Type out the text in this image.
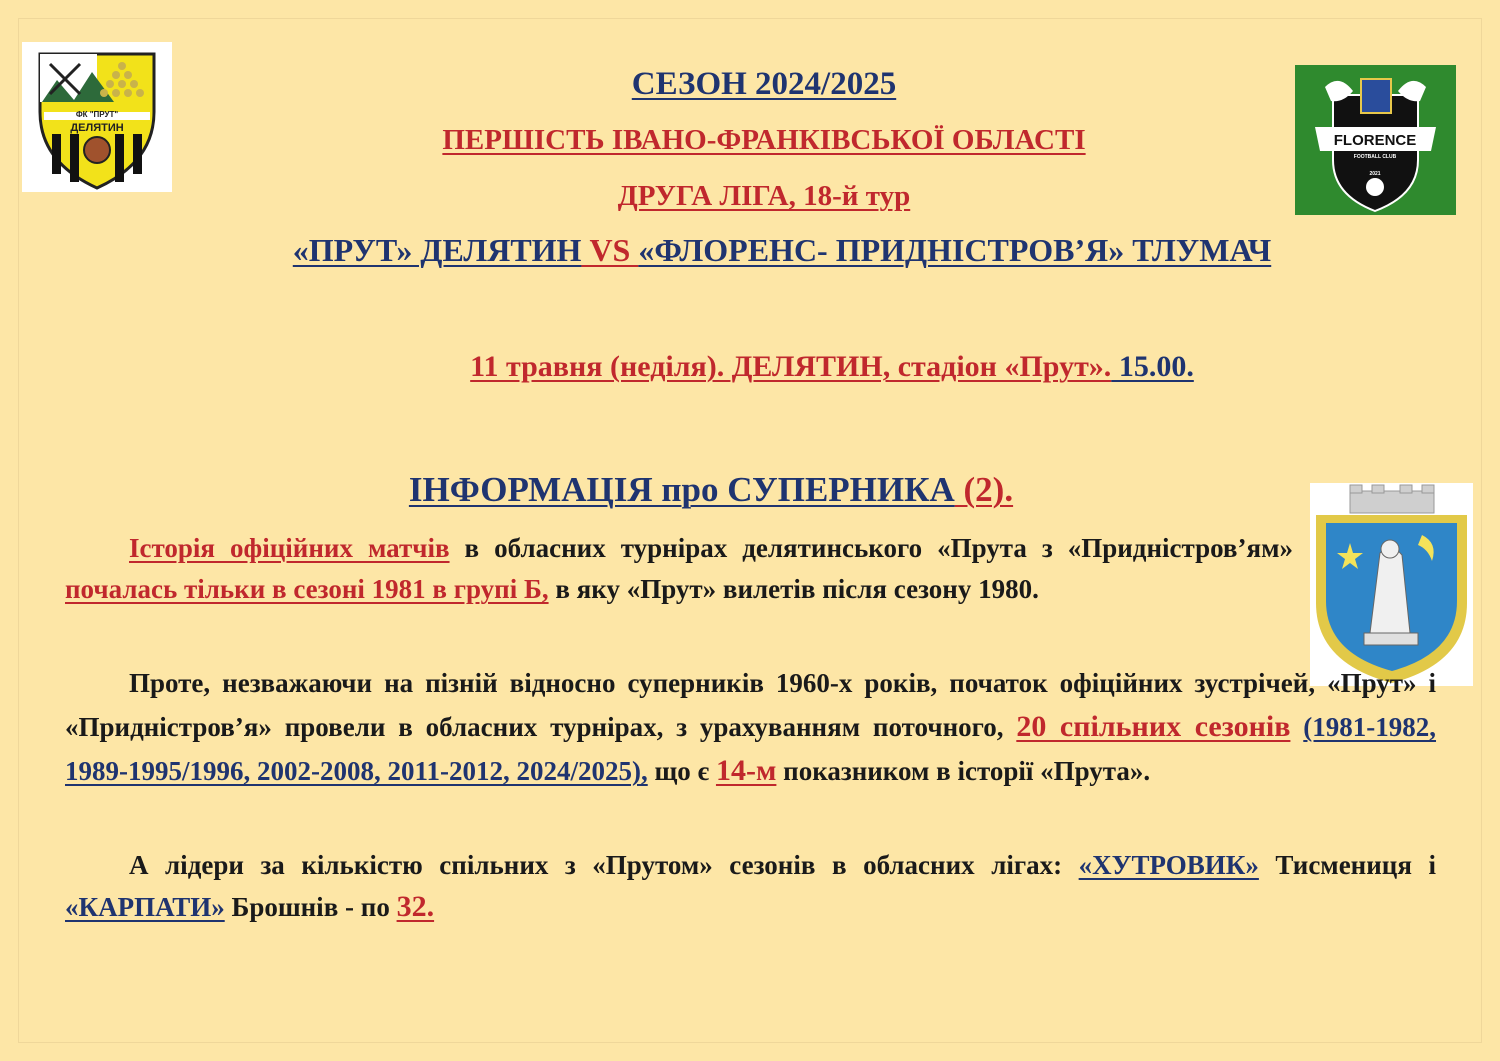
ФК "ПРУТ"
ДЕЛЯТИН
FLORENCE
FOOTBALL CLUB
2021
СЕЗОН 2024/2025
ПЕРШІСТЬ ІВАНО-ФРАНКІВСЬКОЇ ОБЛАСТІ
ДРУГА ЛІГА, 18-й тур
«ПРУТ» ДЕЛЯТИН VS «ФЛОРЕНС- ПРИДНІСТРОВ’Я» ТЛУМАЧ
11 травня (неділя). ДЕЛЯТИН, стадіон «Прут». 15.00.
ІНФОРМАЦІЯ про СУПЕРНИКА (2).

Історія офіційних матчів в обласних турнірах делятинського «Прута з «Придністров’ям» почалась тільки в сезоні 1981 в групі Б, в яку «Прут» вилетів після сезону 1980.

Проте, незважаючи на пізній відносно суперників 1960-х років, початок офіційних зустрічей, «Прут» і «Придністров’я» провели в обласних турнірах, з урахуванням поточного, 20 спільних сезонів (1981-1982, 1989-1995/1996, 2002-2008, 2011-2012, 2024/2025), що є 14-м показником в історії «Прута».

А лідери за кількістю спільних з «Прутом» сезонів в обласних лігах: «ХУТРОВИК» Тисмениця і «КАРПАТИ» Брошнів - по 32.
